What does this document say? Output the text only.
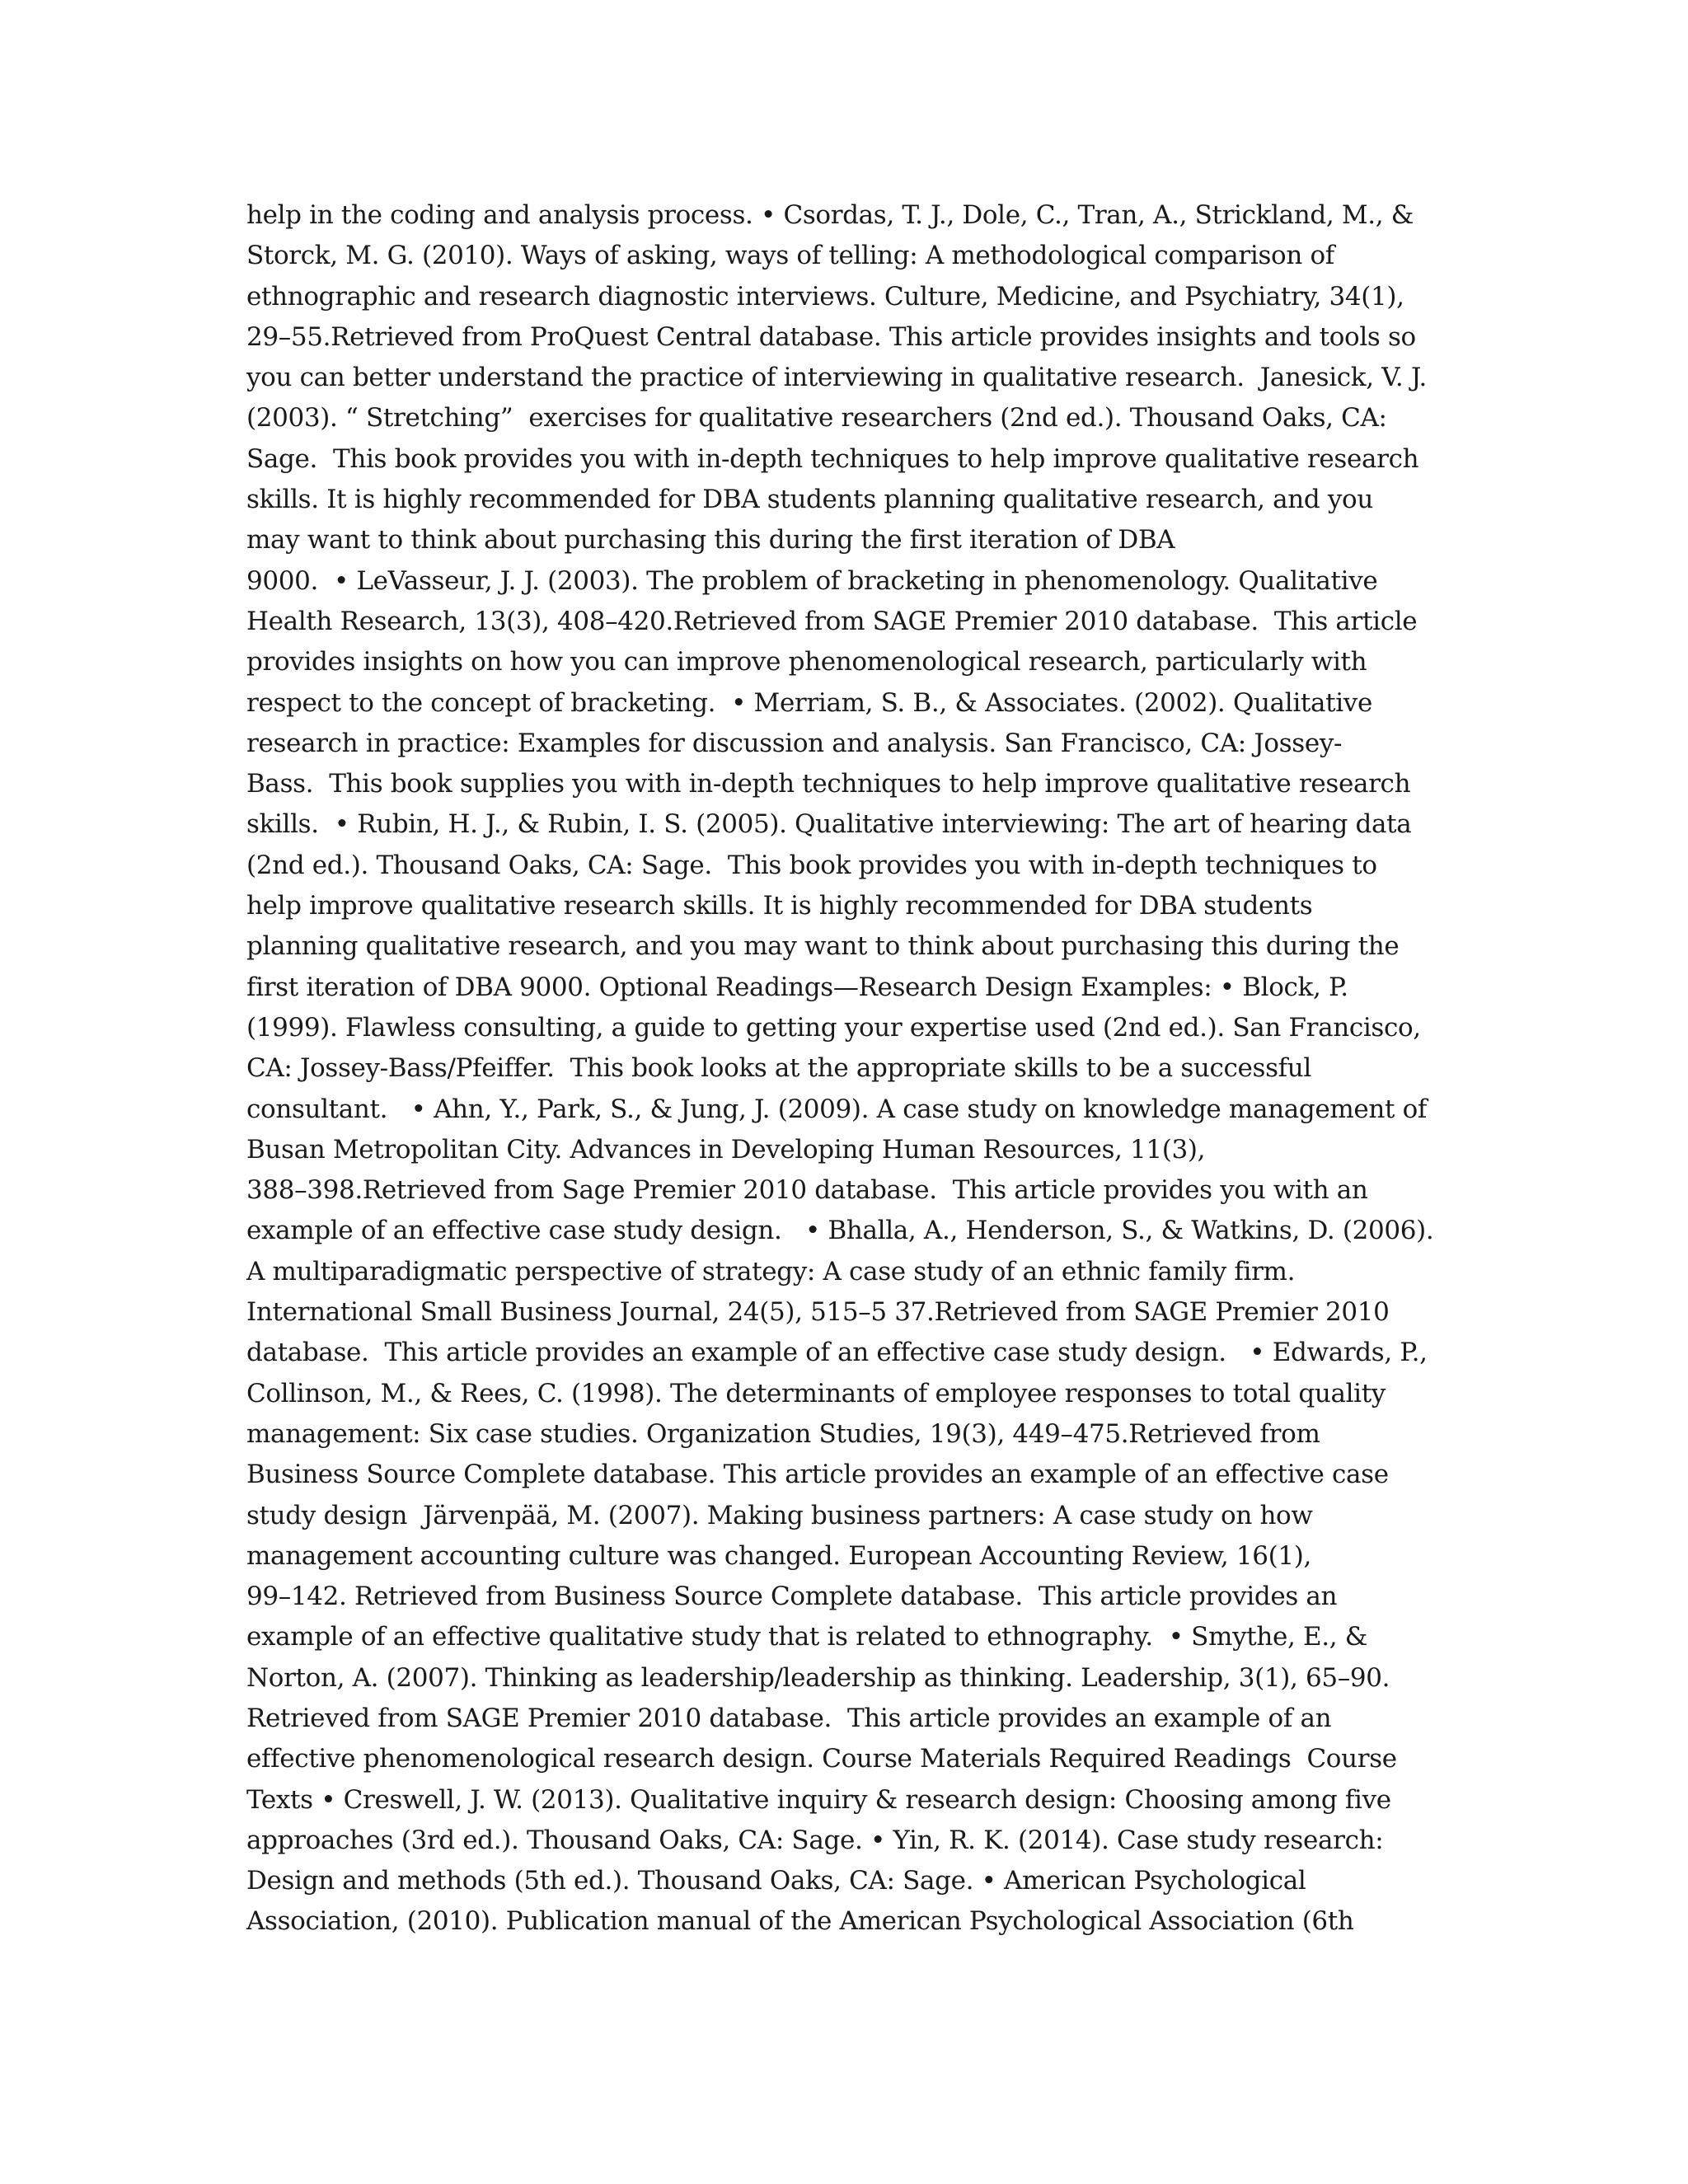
help in the coding and analysis process. • Csordas, T. J., Dole, C., Tran, A., Strickland, M., &
Storck, M. G. (2010). Ways of asking, ways of telling: A methodological comparison of
ethnographic and research diagnostic interviews. Culture, Medicine, and Psychiatry, 34(1),
29–55.Retrieved from ProQuest Central database. This article provides insights and tools so
you can better understand the practice of interviewing in qualitative research.  Janesick, V. J.
(2003). “ Stretching”  exercises for qualitative researchers (2nd ed.). Thousand Oaks, CA:
Sage.  This book provides you with in-depth techniques to help improve qualitative research
skills. It is highly recommended for DBA students planning qualitative research, and you
may want to think about purchasing this during the first iteration of DBA
9000.  • LeVasseur, J. J. (2003). The problem of bracketing in phenomenology. Qualitative
Health Research, 13(3), 408–420.Retrieved from SAGE Premier 2010 database.  This article
provides insights on how you can improve phenomenological research, particularly with
respect to the concept of bracketing.  • Merriam, S. B., & Associates. (2002). Qualitative
research in practice: Examples for discussion and analysis. San Francisco, CA: Jossey-
Bass.  This book supplies you with in-depth techniques to help improve qualitative research
skills.  • Rubin, H. J., & Rubin, I. S. (2005). Qualitative interviewing: The art of hearing data
(2nd ed.). Thousand Oaks, CA: Sage.  This book provides you with in-depth techniques to
help improve qualitative research skills. It is highly recommended for DBA students
planning qualitative research, and you may want to think about purchasing this during the
first iteration of DBA 9000. Optional Readings—Research Design Examples: • Block, P.
(1999). Flawless consulting, a guide to getting your expertise used (2nd ed.). San Francisco,
CA: Jossey-Bass/Pfeiffer.  This book looks at the appropriate skills to be a successful
consultant.   • Ahn, Y., Park, S., & Jung, J. (2009). A case study on knowledge management of
Busan Metropolitan City. Advances in Developing Human Resources, 11(3),
388–398.Retrieved from Sage Premier 2010 database.  This article provides you with an
example of an effective case study design.   • Bhalla, A., Henderson, S., & Watkins, D. (2006).
A multiparadigmatic perspective of strategy: A case study of an ethnic family firm.
International Small Business Journal, 24(5), 515–5 37.Retrieved from SAGE Premier 2010
database.  This article provides an example of an effective case study design.   • Edwards, P.,
Collinson, M., & Rees, C. (1998). The determinants of employee responses to total quality
management: Six case studies. Organization Studies, 19(3), 449–475.Retrieved from
Business Source Complete database. This article provides an example of an effective case
study design  Järvenpää, M. (2007). Making business partners: A case study on how
management accounting culture was changed. European Accounting Review, 16(1),
99–142. Retrieved from Business Source Complete database.  This article provides an
example of an effective qualitative study that is related to ethnography.  • Smythe, E., &
Norton, A. (2007). Thinking as leadership/leadership as thinking. Leadership, 3(1), 65–90.
Retrieved from SAGE Premier 2010 database.  This article provides an example of an
effective phenomenological research design. Course Materials Required Readings  Course
Texts • Creswell, J. W. (2013). Qualitative inquiry & research design: Choosing among five
approaches (3rd ed.). Thousand Oaks, CA: Sage. • Yin, R. K. (2014). Case study research:
Design and methods (5th ed.). Thousand Oaks, CA: Sage. • American Psychological
Association, (2010). Publication manual of the American Psychological Association (6th
